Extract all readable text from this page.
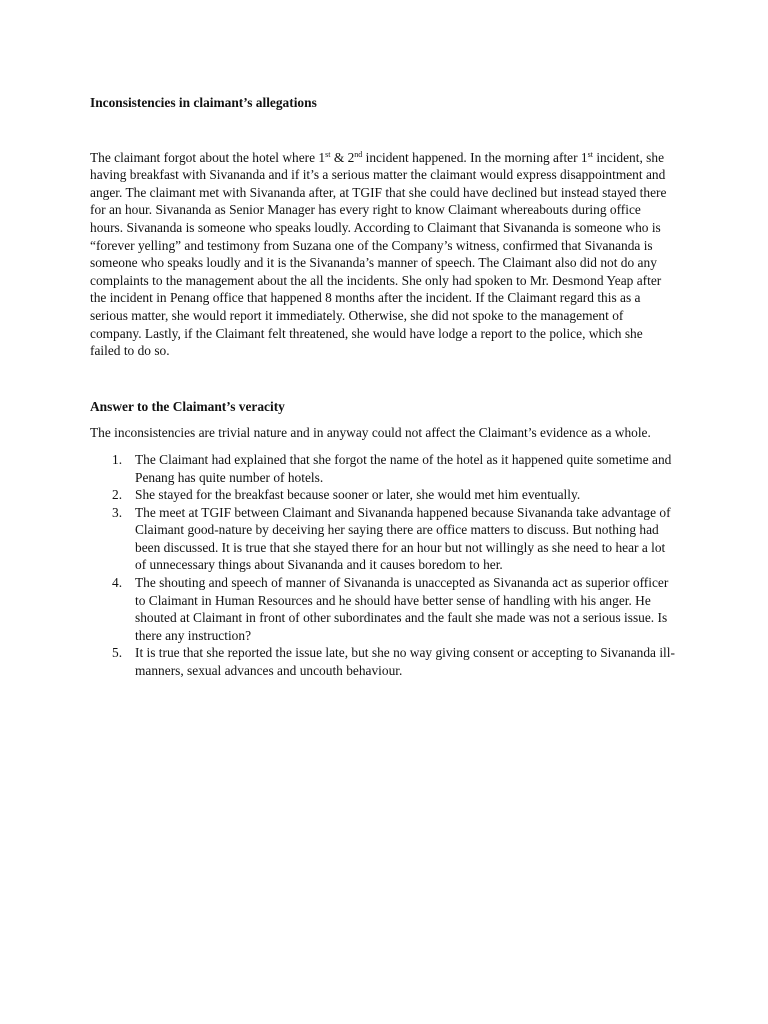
Inconsistencies in claimant’s allegations

The claimant forgot about the hotel where 1st & 2nd incident happened. In the morning after 1st incident, she having breakfast with Sivananda and if it’s a serious matter the claimant would express disappointment and anger. The claimant met with Sivananda after, at TGIF that she could have declined but instead stayed there for an hour. Sivananda as Senior Manager has every right to know Claimant whereabouts during office hours. Sivananda is someone who speaks loudly. According to Claimant that Sivananda is someone who is “forever yelling” and testimony from Suzana one of the Company’s witness, confirmed that Sivananda is someone who speaks loudly and it is the Sivananda’s manner of speech. The Claimant also did not do any complaints to the management about the all the incidents. She only had spoken to Mr. Desmond Yeap after the incident in Penang office that happened 8 months after the incident. If the Claimant regard this as a serious matter, she would report it immediately. Otherwise, she did not spoke to the management of company. Lastly, if the Claimant felt threatened, she would have lodge a report to the police, which she failed to do so.

Answer to the Claimant’s veracity

The inconsistencies are trivial nature and in anyway could not affect the Claimant’s evidence as a whole.

1. The Claimant had explained that she forgot the name of the hotel as it happened quite sometime and Penang has quite number of hotels.
2. She stayed for the breakfast because sooner or later, she would met him eventually.
3. The meet at TGIF between Claimant and Sivananda happened because Sivananda take advantage of Claimant good-nature by deceiving her saying there are office matters to discuss. But nothing had been discussed. It is true that she stayed there for an hour but not willingly as she need to hear a lot of unnecessary things about Sivananda and it causes boredom to her.
4. The shouting and speech of manner of Sivananda is unaccepted as Sivananda act as superior officer to Claimant in Human Resources and he should have better sense of handling with his anger. He shouted at Claimant in front of other subordinates and the fault she made was not a serious issue. Is there any instruction?
5. It is true that she reported the issue late, but she no way giving consent or accepting to Sivananda ill-manners, sexual advances and uncouth behaviour.
